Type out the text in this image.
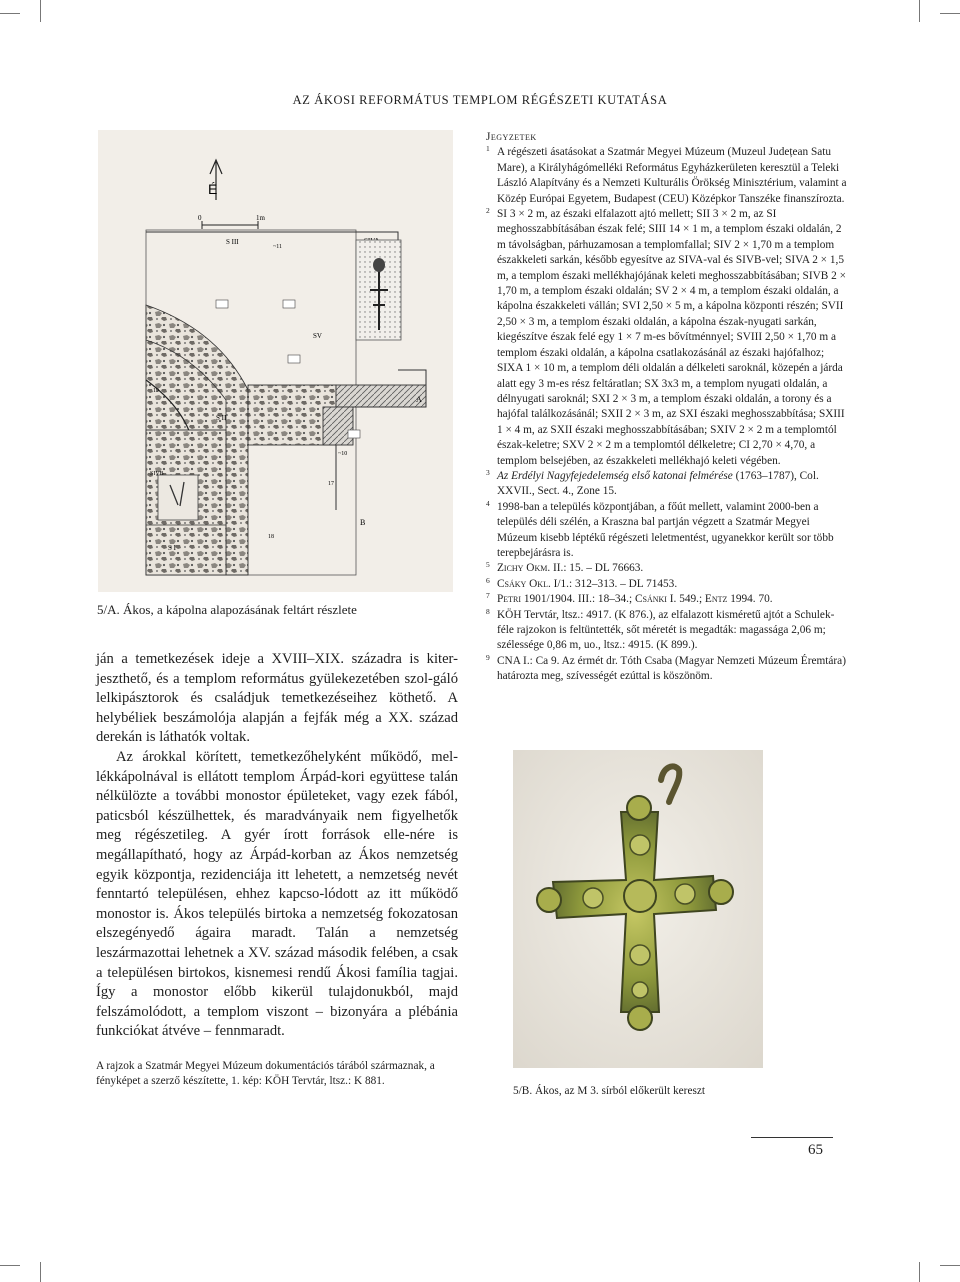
AZ ÁKOSI REFORMÁTUS TEMPLOM RÉGÉSZETI KUTATÁSA
É
0	1m
S III
A
SIVB
~10
~11
17
18
19
SV
S II
S I
B
5/A. Ákos, a kápolna alapozásának feltárt részlete

ján a temetkezések ideje a XVIII–XIX. századra is kiter-jeszthető, és a templom református gyülekezetében szol-gáló lelkipásztorok és családjuk temetkezéseihez köthető. A helybéliek beszámolója alapján a fejfák még a XX. század derekán is láthatók voltak.

Az árokkal körített, temetkezőhelyként működő, mel-lékkápolnával is ellátott templom Árpád-kori együttese talán nélkülözte a további monostor épületeket, vagy ezek fából, paticsból készülhettek, és maradványaik nem figyelhetők meg régészetileg. A gyér írott források elle-nére is megállapítható, hogy az Árpád-korban az Ákos nemzetség egyik központja, rezidenciája itt lehetett, a nemzetség nevét fenntartó településen, ehhez kapcso-lódott az itt működő monostor is. Ákos település birtoka a nemzetség fokozatosan elszegényedő ágaira maradt. Talán a nemzetség leszármazottai lehetnek a XV. század második felében, a csak a településen birtokos, kisnemesi rendű Ákosi família tagjai. Így a monostor előbb kikerül tulajdonukból, majd felszámolódott, a templom viszont – bizonyára a plébánia funkciókat átvéve – fennmaradt.

Jegyzetek
1 A régészeti ásatásokat a Szatmár Megyei Múzeum (Muzeul Județean Satu Mare), a Királyhágómelléki Református Egyházkerületen keresztül a Teleki László Alapítvány és a Nemzeti Kulturális Örökség Minisztérium, valamint a Közép Európai Egyetem, Budapest (CEU) Középkor Tanszéke finanszírozta.
2 SI 3 × 2 m, az északi elfalazott ajtó mellett; SII 3 × 2 m, az SI meghosszabbításában észak felé; SIII 14 × 1 m, a templom északi oldalán, 2 m távolságban, párhuzamosan a templomfallal; SIV 2 × 1,70 m a templom északkeleti sarkán, később egyesítve az SIVA-val és SIVB-vel; SIVA 2 × 1,5 m, a templom északi mellékhajójának keleti meghosszabbításában; SIVB 2 × 1,70 m, a templom északi oldalán; SV 2 × 4 m, a templom északi oldalán, a kápolna északkeleti vállán; SVI 2,50 × 5 m, a kápolna központi részén; SVII 2,50 × 3 m, a templom északi oldalán, a kápolna észak-nyugati sarkán, kiegészítve észak felé egy 1 × 7 m-es bővítménnyel; SVIII 2,50 × 1,70 m a templom északi oldalán, a kápolna csatlakozásánál az északi hajófalhoz; SIXA 1 × 10 m, a templom déli oldalán a délkeleti saroknál, közepén a járda alatt egy 3 m-es rész feltáratlan; SX 3x3 m, a templom nyugati oldalán, a délnyugati saroknál; SXI 2 × 3 m, a templom északi oldalán, a torony és a hajófal találkozásánál; SXII 2 × 3 m, az SXI északi meghosszabbítása; SXIII 1 × 4 m, az SXII északi meghosszabbításában; SXIV 2 × 2 m a templomtól észak-keletre; SXV 2 × 2 m a templomtól délkeletre; CI 2,70 × 4,70, a templom belsejében, az északkeleti mellékhajó keleti végében.
3 Az Erdélyi Nagyfejedelemség első katonai felmérése (1763–1787), Col. XXVII., Sect. 4., Zone 15.
4 1998-ban a település központjában, a főút mellett, valamint 2000-ben a település déli szélén, a Kraszna bal partján végzett a Szatmár Megyei Múzeum kisebb léptékű régészeti leletmentést, ugyanekkor került sor több terepbejárásra is.
5 Zichy Okm. II.: 15. – DL 76663.
6 Csáky Okl. I/1.: 312–313. – DL 71453.
7 Petri 1901/1904. III.: 18–34.; Csánki I. 549.; Entz 1994. 70.
8 KÖH Tervtár, ltsz.: 4917. (K 876.), az elfalazott kisméretű ajtót a Schulek-féle rajzokon is feltüntették, sőt méretét is megadták: magassága 2,06 m; szélessége 0,86 m, uo., ltsz.: 4915. (K 899.).
9 CNA I.: Ca 9. Az érmét dr. Tóth Csaba (Magyar Nemzeti Múzeum Éremtára) határozta meg, szívességét ezúttal is köszönöm.
5/B. Ákos, az M 3. sírból előkerült kereszt
A rajzok a Szatmár Megyei Múzeum dokumentációs tárából származnak, a fényképet a szerző készítette, 1. kép: KÖH Tervtár, ltsz.: K 881.
65
